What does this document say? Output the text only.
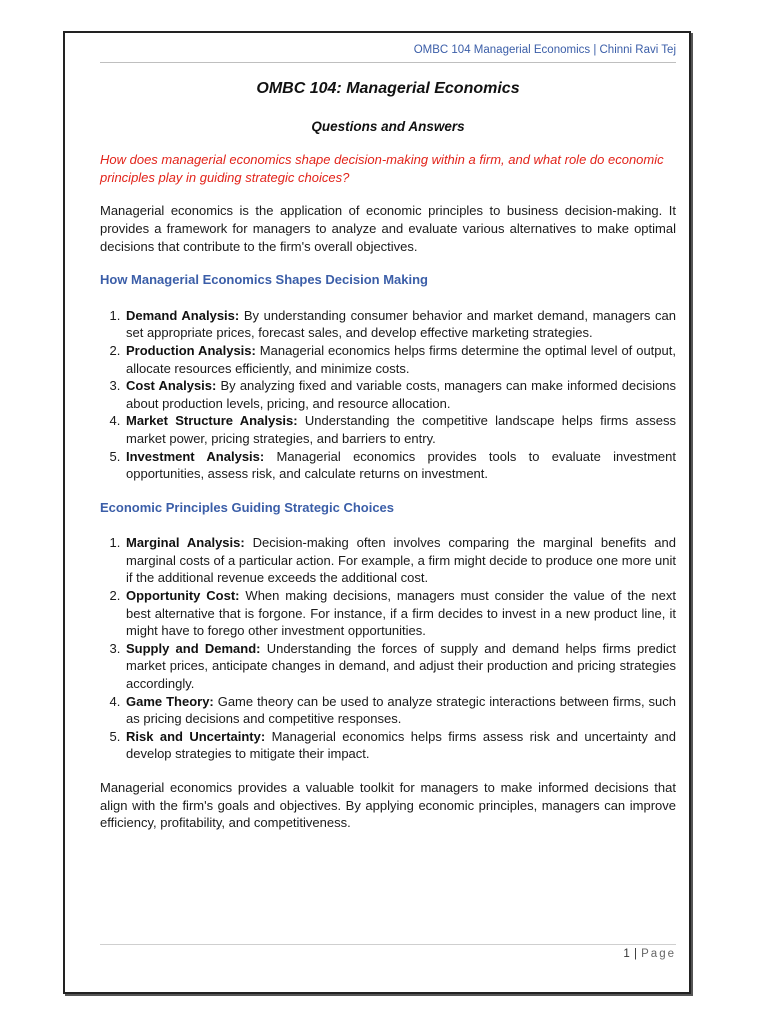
OMBC 104 Managerial Economics | Chinni Ravi Tej
OMBC 104: Managerial Economics
Questions and Answers
How does managerial economics shape decision-making within a firm, and what role do economic principles play in guiding strategic choices?

Managerial economics is the application of economic principles to business decision-making. It provides a framework for managers to analyze and evaluate various alternatives to make optimal decisions that contribute to the firm's overall objectives.

How Managerial Economics Shapes Decision Making
1. Demand Analysis: By understanding consumer behavior and market demand, managers can set appropriate prices, forecast sales, and develop effective marketing strategies.
2. Production Analysis: Managerial economics helps firms determine the optimal level of output, allocate resources efficiently, and minimize costs.
3. Cost Analysis: By analyzing fixed and variable costs, managers can make informed decisions about production levels, pricing, and resource allocation.
4. Market Structure Analysis: Understanding the competitive landscape helps firms assess market power, pricing strategies, and barriers to entry.
5. Investment Analysis: Managerial economics provides tools to evaluate investment opportunities, assess risk, and calculate returns on investment.
Economic Principles Guiding Strategic Choices
1. Marginal Analysis: Decision-making often involves comparing the marginal benefits and marginal costs of a particular action. For example, a firm might decide to produce one more unit if the additional revenue exceeds the additional cost.
2. Opportunity Cost: When making decisions, managers must consider the value of the next best alternative that is forgone. For instance, if a firm decides to invest in a new product line, it might have to forego other investment opportunities.
3. Supply and Demand: Understanding the forces of supply and demand helps firms predict market prices, anticipate changes in demand, and adjust their production and pricing strategies accordingly.
4. Game Theory: Game theory can be used to analyze strategic interactions between firms, such as pricing decisions and competitive responses.
5. Risk and Uncertainty: Managerial economics helps firms assess risk and uncertainty and develop strategies to mitigate their impact.

Managerial economics provides a valuable toolkit for managers to make informed decisions that align with the firm's goals and objectives. By applying economic principles, managers can improve efficiency, profitability, and competitiveness.

1 | Page
